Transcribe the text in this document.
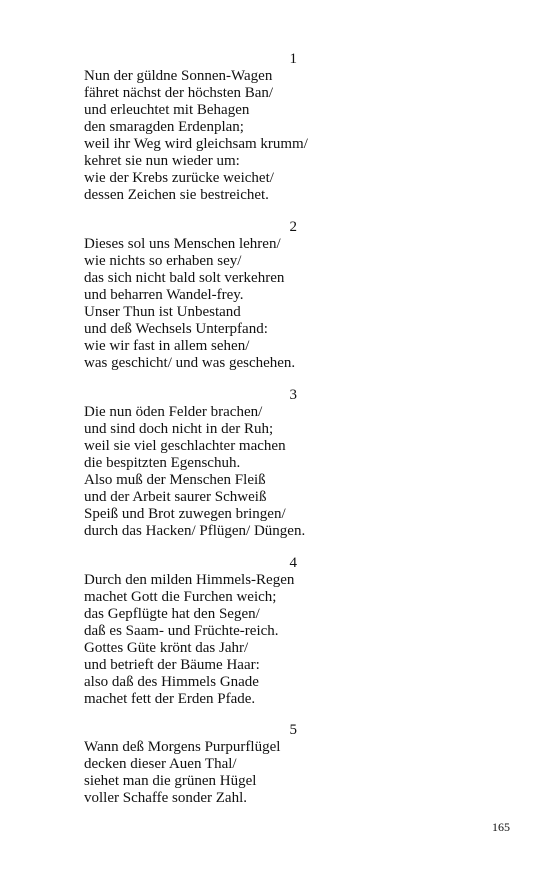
1
Nun der güldne Sonnen-Wagen
fähret nächst der höchsten Ban/
und erleuchtet mit Behagen
den smaragden Erdenplan;
weil ihr Weg wird gleichsam krumm/
kehret sie nun wieder um:
wie der Krebs zurücke weichet/
dessen Zeichen sie bestreichet.
2
Dieses sol uns Menschen lehren/
wie nichts so erhaben sey/
das sich nicht bald solt verkehren
und beharren Wandel-frey.
Unser Thun ist Unbestand
und deß Wechsels Unterpfand:
wie wir fast in allem sehen/
was geschicht/ und was geschehen.
3
Die nun öden Felder brachen/
und sind doch nicht in der Ruh;
weil sie viel geschlachter machen
die bespitzten Egenschuh.
Also muß der Menschen Fleiß
und der Arbeit saurer Schweiß
Speiß und Brot zuwegen bringen/
durch das Hacken/ Pflügen/ Düngen.
4
Durch den milden Himmels-Regen
machet Gott die Furchen weich;
das Gepflügte hat den Segen/
daß es Saam- und Früchte-reich.
Gottes Güte krönt das Jahr/
und betrieft der Bäume Haar:
also daß des Himmels Gnade
machet fett der Erden Pfade.
5
Wann deß Morgens Purpurflügel
decken dieser Auen Thal/
siehet man die grünen Hügel
voller Schaffe sonder Zahl.
165
